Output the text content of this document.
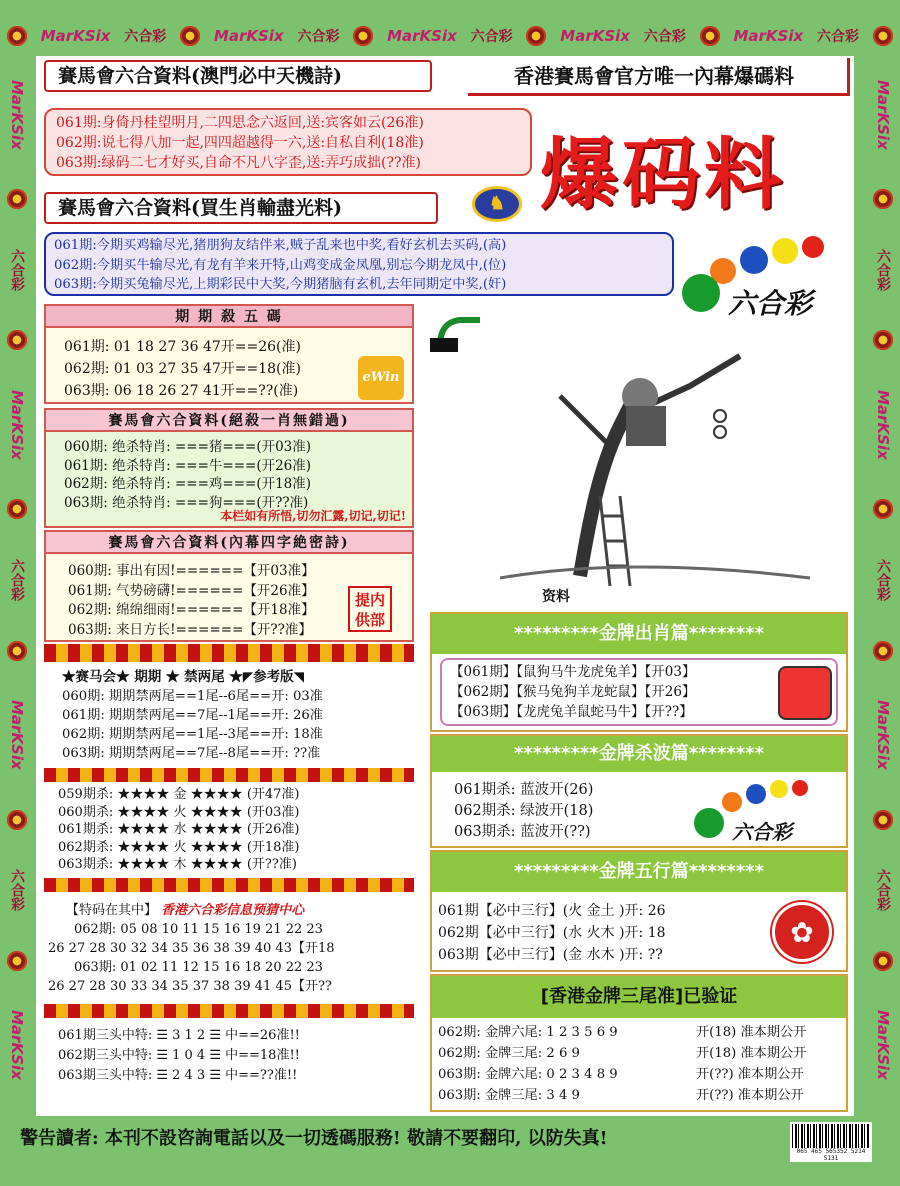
MarKSix 六合彩	MarKSix 六合彩	MarKSix 六合彩	MarKSix 六合彩	MarKSix 六合彩
MarKSix
六合彩
MarKSix
六合彩
MarKSix
六合彩
MarKSix
MarKSix
六合彩
MarKSix
六合彩
MarKSix
六合彩
MarKSix
賽馬會六合資料(澳門必中天機詩)	香港賽馬會官方唯一內幕爆碼料
061期:身倚丹桂望明月,二四思念六返回,送:宾客如云(26准)
062期:说七得八加一起,四四超越得一六,送:自私自利(18准)
063期:绿码二七才好买,自命不凡八字歪,送:弄巧成拙(??准)	爆码料
賽馬會六合資料(買生肖輸盡光料)	♞
061期:今期买鸡输尽光,猪朋狗友结伴来,贼子乱来也中奖,看好玄机去买码,(高)
062期:今期买牛输尽光,有龙有羊来开特,山鸡变成金凤凰,别忘今期龙凤中,(位)
063期:今期买兔输尽光,上期彩民中大奖,今期猪脑有玄机,去年同期定中奖,(奸)
六合彩
期 期 殺 五 碼
061期: 01 18 27 36 47开==26(准)
062期: 01 03 27 35 47开==18(准)
063期: 06 18 26 27 41开==??(准)
eWin
賽馬會六合資料(絕殺一肖無錯過)
060期: 绝杀特肖: ===猪===(开03准)
061期: 绝杀特肖: ===牛===(开26准)
062期: 绝杀特肖: ===鸡===(开18准)
063期: 绝杀特肖: ===狗===(开??准)
本栏如有所悟,切勿汇露,切记,切记!
賽馬會六合資料(內幕四字絶密詩)
060期: 事出有因!======【开03准】
061期: 气势磅礴!======【开26准】
062期: 绵绵细雨!======【开18准】
063期: 来日方长!======【开??准】
提内供部
★赛马会★ 期期 ★ 禁两尾 ★◤参考版◥
060期: 期期禁两尾==1尾--6尾==开: 03准
061期: 期期禁两尾==7尾--1尾==开: 26准
062期: 期期禁两尾==1尾--3尾==开: 18准
063期: 期期禁两尾==7尾--8尾==开: ??准
059期杀: ★★★★ 金 ★★★★ (开47准)
060期杀: ★★★★ 火 ★★★★ (开03准)
061期杀: ★★★★ 水 ★★★★ (开26准)
062期杀: ★★★★ 火 ★★★★ (开18准)
063期杀: ★★★★ 木 ★★★★ (开??准)
【特码在其中】 香港六合彩信息预猜中心
062期: 05 08 10 11 15 16 19 21 22 23
26 27 28 30 32 34 35 36 38 39 40 43【开18
063期: 01 02 11 12 15 16 18 20 22 23
26 27 28 30 33 34 35 37 38 39 41 45【开??
061期三头中特: ☰ 3 1 2 ☰ 中==26准!!
062期三头中特: ☰ 1 0 4 ☰ 中==18准!!
063期三头中特: ☰ 2 4 3 ☰ 中==??准!!
资料
*********金牌出肖篇********
【061期】【鼠狗马牛龙虎兔羊】【开03】
【062期】【猴马兔狗羊龙蛇鼠】【开26】
【063期】【龙虎兔羊鼠蛇马牛】【开??】
*********金牌杀波篇********
061期杀: 蓝波开(26)
062期杀: 绿波开(18)
063期杀: 蓝波开(??)	六合彩
*********金牌五行篇********
061期【必中三行】(火 金土 )开: 26
062期【必中三行】(水 火木 )开: 18
063期【必中三行】(金 水木 )开: ??
✿
[香港金牌三尾准]已验证
062期: 金牌六尾: 1 2 3 5 6 9	开(18) 准本期公开
062期: 金牌三尾: 2 6 9	开(18) 准本期公开
063期: 金牌六尾: 0 2 3 4 8 9	开(??) 准本期公开
063期: 金牌三尾: 3 4 9	开(??) 准本期公开
警告讀者: 本刊不設咨詢電話以及一切透碼服務! 敬請不要翻印, 以防失真!
065 465 565352 5214 5131
